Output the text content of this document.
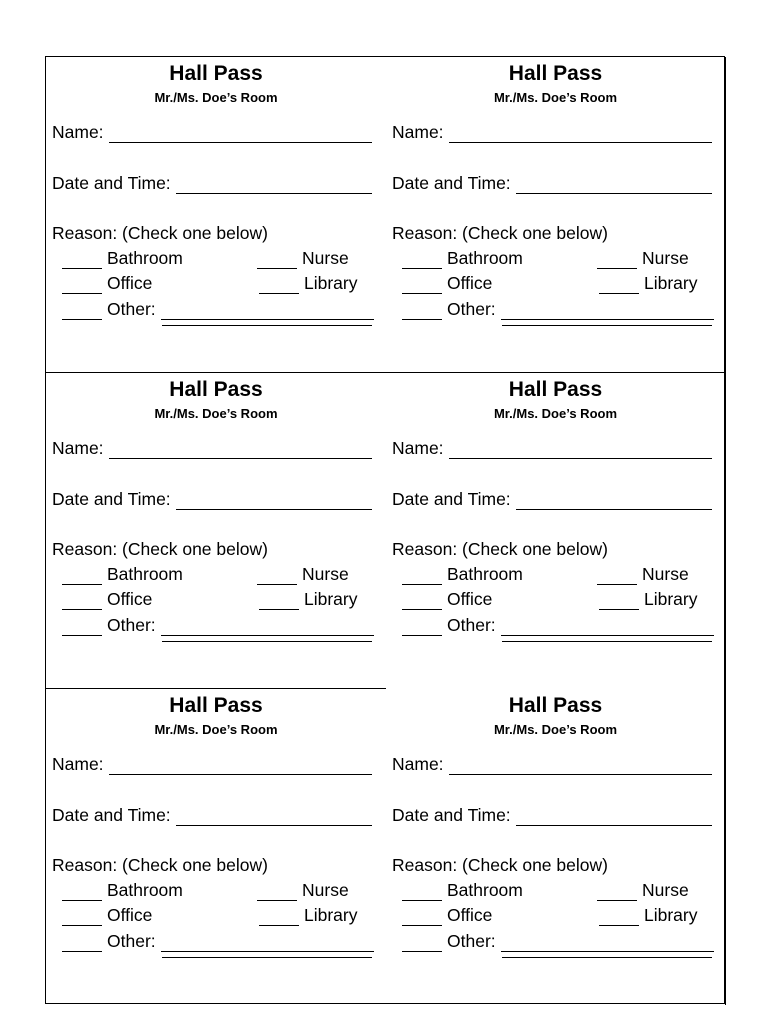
Hall Pass
Mr./Ms. Doe’s Room
Name:
Date and Time:
Reason: (Check one below)
Bathroom	Nurse
Office	Library
Other:
Hall Pass
Mr./Ms. Doe’s Room
Name:
Date and Time:
Reason: (Check one below)
Bathroom	Nurse
Office	Library
Other:
Hall Pass
Mr./Ms. Doe’s Room
Name:
Date and Time:
Reason: (Check one below)
Bathroom	Nurse
Office	Library
Other:
Hall Pass
Mr./Ms. Doe’s Room
Name:
Date and Time:
Reason: (Check one below)
Bathroom	Nurse
Office	Library
Other:
Hall Pass
Mr./Ms. Doe’s Room
Name:
Date and Time:
Reason: (Check one below)
Bathroom	Nurse
Office	Library
Other:
Hall Pass
Mr./Ms. Doe’s Room
Name:
Date and Time:
Reason: (Check one below)
Bathroom	Nurse
Office	Library
Other:
